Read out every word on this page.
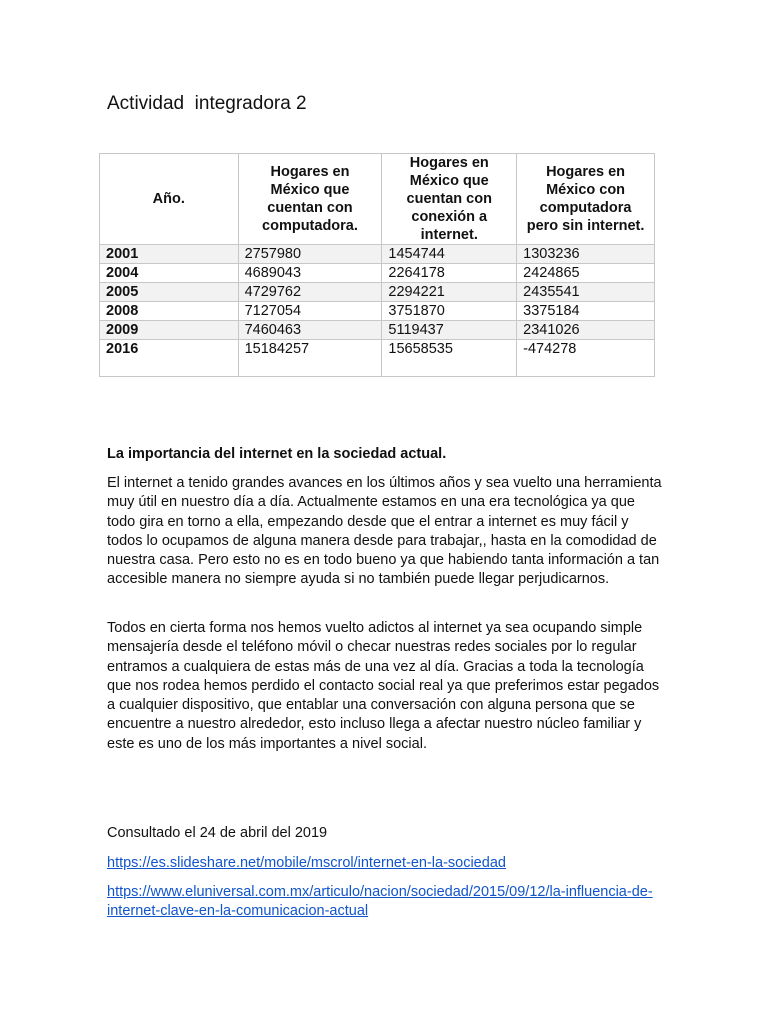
Actividad  integradora 2
Año.	Hogares en México que cuentan con computadora.	Hogares en México que cuentan con conexión a internet.	Hogares en México con computadora pero sin internet.
2001	2757980	1454744	1303236
2004	4689043	2264178	2424865
2005	4729762	2294221	2435541
2008	7127054	3751870	3375184
2009	7460463	5119437	2341026
2016	15184257	15658535	-474278
La importancia del internet en la sociedad actual.

El internet a tenido grandes avances en los últimos años y sea vuelto una herramienta muy útil en nuestro día a día. Actualmente estamos en una era tecnológica ya que todo gira en torno a ella, empezando desde que el entrar a internet es muy fácil y todos lo ocupamos de alguna manera desde para trabajar,, hasta en la comodidad de nuestra casa. Pero esto no es en todo bueno ya que habiendo tanta información a tan accesible manera no siempre ayuda si no también puede llegar perjudicarnos.

Todos en cierta forma nos hemos vuelto adictos al internet ya sea ocupando simple mensajería desde el teléfono móvil o checar nuestras redes sociales por lo regular entramos a cualquiera de estas más de una vez al día. Gracias a toda la tecnología que nos rodea hemos perdido el contacto social real ya que preferimos estar pegados a cualquier dispositivo, que entablar una conversación con alguna persona que se encuentre a nuestro alrededor, esto incluso llega a afectar nuestro núcleo familiar y este es uno de los más importantes a nivel social.

Consultado el 24 de abril del 2019

https://es.slideshare.net/mobile/mscrol/internet-en-la-sociedad
https://www.eluniversal.com.mx/articulo/nacion/sociedad/2015/09/12/la-influencia-de-internet-clave-en-la-comunicacion-actual
